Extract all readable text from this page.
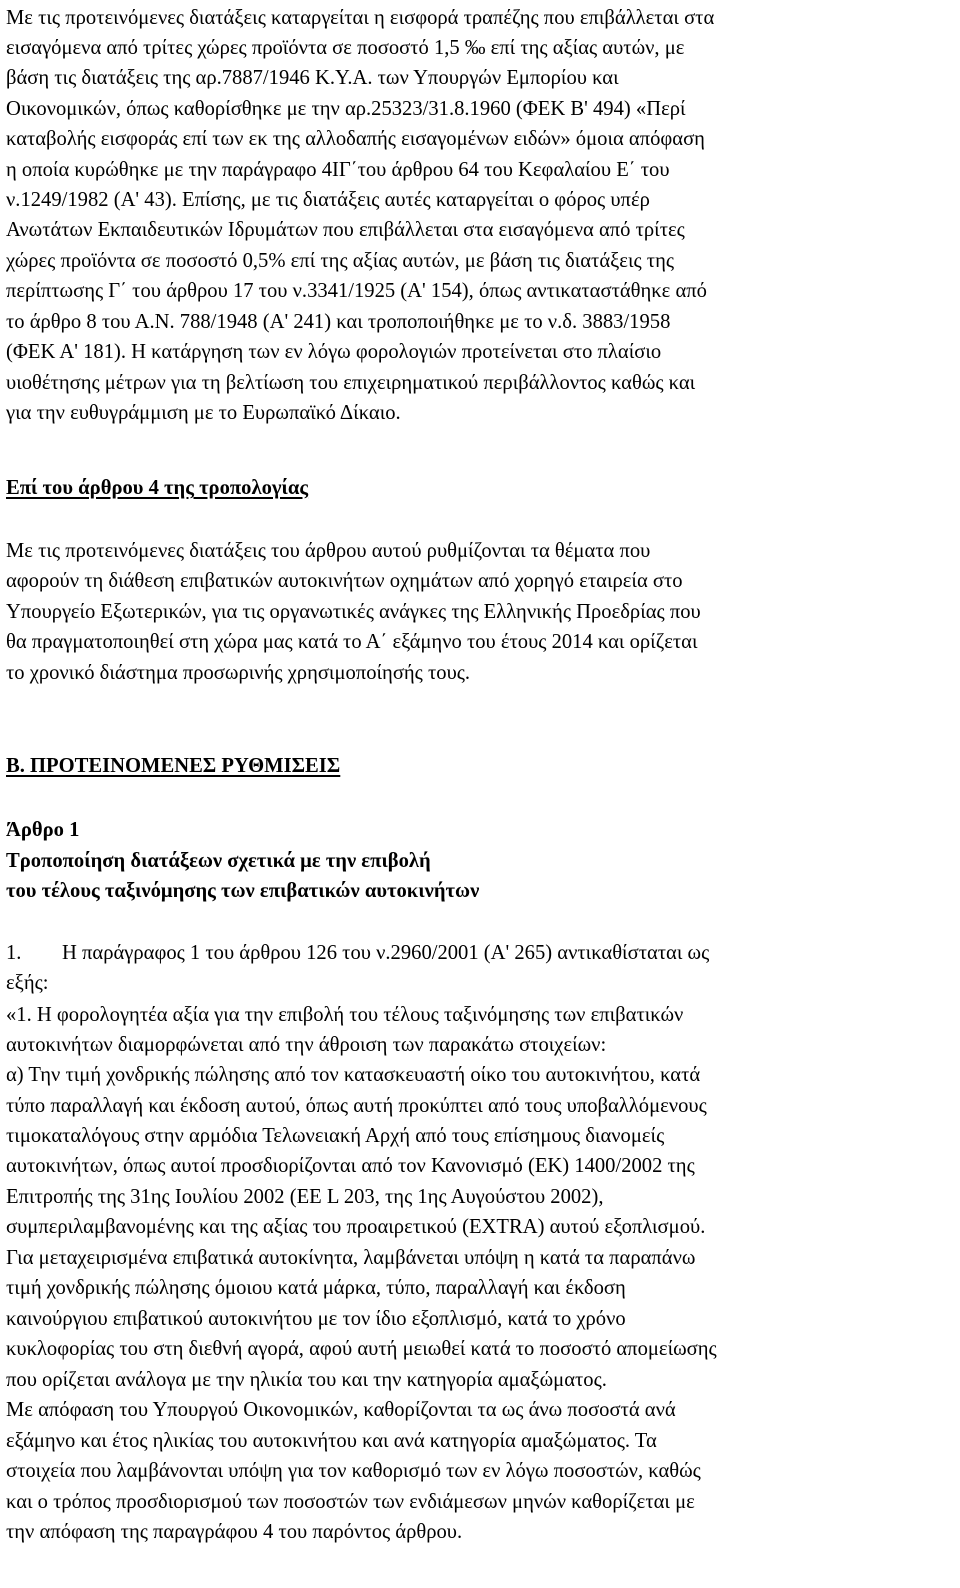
Με τις προτεινόμενες διατάξεις καταργείται η εισφορά τραπέζης που επιβάλλεται στα
εισαγόμενα από τρίτες χώρες προϊόντα σε ποσοστό 1,5 ‰ επί της αξίας αυτών, με
βάση τις διατάξεις της αρ.7887/1946 Κ.Υ.Α. των Υπουργών Εμπορίου και
Οικονομικών, όπως καθορίσθηκε με την αρ.25323/31.8.1960 (ΦΕΚ Β' 494) «Περί
καταβολής εισφοράς επί των εκ της αλλοδαπής εισαγομένων ειδών» όμοια απόφαση
η οποία κυρώθηκε με την παράγραφο 4ΙΓ΄του άρθρου 64 του Κεφαλαίου Ε΄ του
ν.1249/1982 (Α' 43). Επίσης, με τις διατάξεις αυτές καταργείται ο φόρος υπέρ
Ανωτάτων Εκπαιδευτικών Ιδρυμάτων που επιβάλλεται στα εισαγόμενα από τρίτες
χώρες προϊόντα σε ποσοστό 0,5% επί της αξίας αυτών, με βάση τις διατάξεις της
περίπτωσης Γ΄ του άρθρου 17 του ν.3341/1925 (Α' 154), όπως αντικαταστάθηκε από
το άρθρο 8 του Α.Ν. 788/1948 (Α' 241) και τροποποιήθηκε με το ν.δ. 3883/1958
(ΦΕΚ Α' 181). Η κατάργηση των εν λόγω φορολογιών προτείνεται στο πλαίσιο
υιοθέτησης μέτρων για τη βελτίωση του επιχειρηματικού περιβάλλοντος καθώς και
για την ευθυγράμμιση με το Ευρωπαϊκό Δίκαιο.
Επί του άρθρου 4 της τροπολογίας
Με τις προτεινόμενες διατάξεις του άρθρου αυτού ρυθμίζονται τα θέματα που
αφορούν τη διάθεση επιβατικών αυτοκινήτων οχημάτων από χορηγό εταιρεία στο
Υπουργείο Εξωτερικών, για τις οργανωτικές ανάγκες της Ελληνικής Προεδρίας που
θα πραγματοποιηθεί στη χώρα μας κατά το Α΄ εξάμηνο του έτους 2014 και ορίζεται
το χρονικό διάστημα προσωρινής χρησιμοποίησής τους.
Β. ΠΡΟΤΕΙΝΟΜΕΝΕΣ ΡΥΘΜΙΣΕΙΣ
Άρθρο 1
Τροποποίηση διατάξεων σχετικά με την επιβολή
του τέλους ταξινόμησης των επιβατικών αυτοκινήτων
1. Η παράγραφος 1 του άρθρου 126 του ν.2960/2001 (Α' 265) αντικαθίσταται ως
εξής:
«1. Η φορολογητέα αξία για την επιβολή του τέλους ταξινόμησης των επιβατικών
αυτοκινήτων διαμορφώνεται από την άθροιση των παρακάτω στοιχείων:
α) Την τιμή χονδρικής πώλησης από τον κατασκευαστή οίκο του αυτοκινήτου, κατά
τύπο παραλλαγή και έκδοση αυτού, όπως αυτή προκύπτει από τους υποβαλλόμενους
τιμοκαταλόγους στην αρμόδια Τελωνειακή Αρχή από τους επίσημους διανομείς
αυτοκινήτων, όπως αυτοί προσδιορίζονται από τον Κανονισμό (ΕΚ) 1400/2002 της
Επιτροπής της 31ης Ιουλίου 2002 (ΕΕ L 203, της 1ης Αυγούστου 2002),
συμπεριλαμβανομένης και της αξίας του προαιρετικού (EXTRA) αυτού εξοπλισμού.
Για μεταχειρισμένα επιβατικά αυτοκίνητα, λαμβάνεται υπόψη η κατά τα παραπάνω
τιμή χονδρικής πώλησης όμοιου κατά μάρκα, τύπο, παραλλαγή και έκδοση
καινούργιου επιβατικού αυτοκινήτου με τον ίδιο εξοπλισμό, κατά το χρόνο
κυκλοφορίας του στη διεθνή αγορά, αφού αυτή μειωθεί κατά το ποσοστό απομείωσης
που ορίζεται ανάλογα με την ηλικία του και την κατηγορία αμαξώματος.
Με απόφαση του Υπουργού Οικονομικών, καθορίζονται τα ως άνω ποσοστά ανά
εξάμηνο και έτος ηλικίας του αυτοκινήτου και ανά κατηγορία αμαξώματος. Τα
στοιχεία που λαμβάνονται υπόψη για τον καθορισμό των εν λόγω ποσοστών, καθώς
και ο τρόπος προσδιορισμού των ποσοστών των ενδιάμεσων μηνών καθορίζεται με
την απόφαση της παραγράφου 4 του παρόντος άρθρου.
